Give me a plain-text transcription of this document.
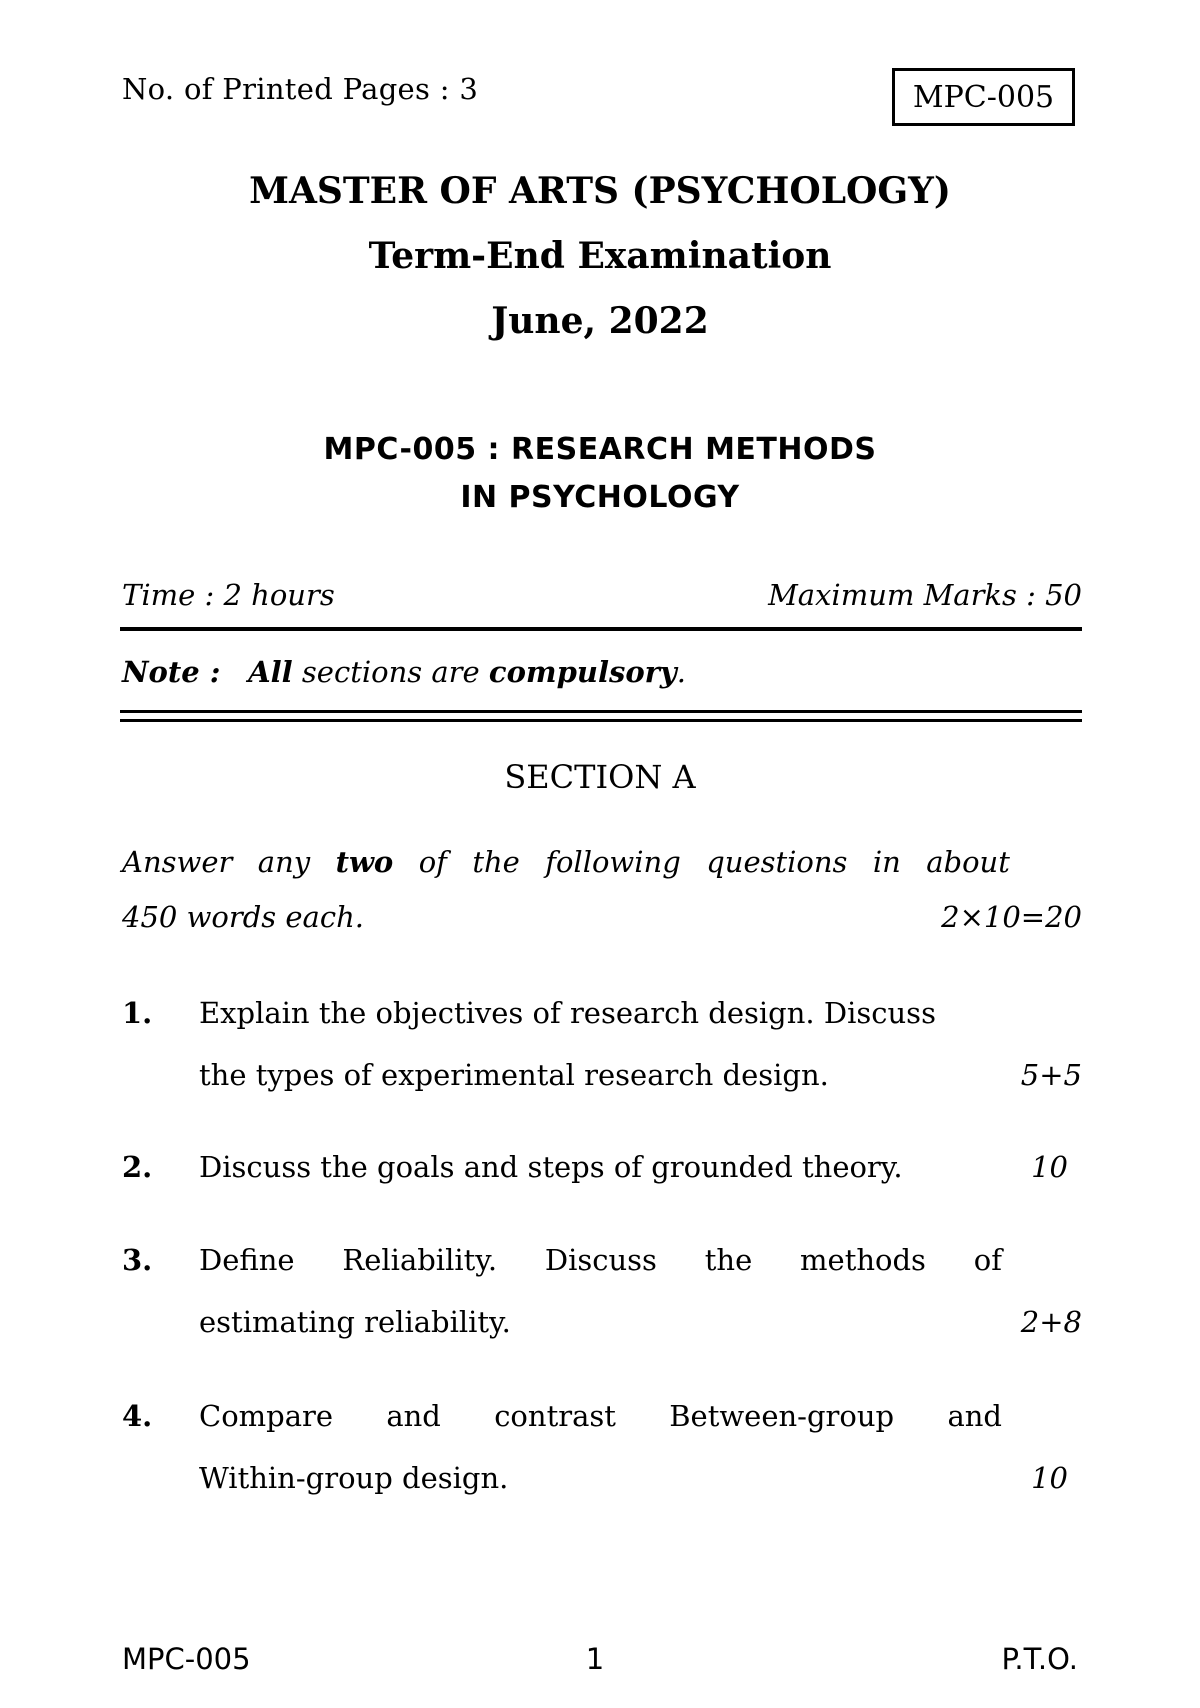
No. of Printed Pages : 3	MPC-005
MASTER OF ARTS (PSYCHOLOGY)
Term-End Examination
June, 2022
MPC-005 : RESEARCH METHODS
IN PSYCHOLOGY
Time : 2 hours	Maximum Marks : 50
Note : All sections are compulsory.
SECTION A
Answer any two of the following questions in about
450 words each.	2×10=20
1. Explain the objectives of research design. Discuss
the types of experimental research design.	5+5
2. Discuss the goals and steps of grounded theory.	10
3. Define Reliability. Discuss the methods of
estimating reliability.	2+8
4. Compare and contrast Between-group and
Within-group design.	10
MPC-005	1	P.T.O.
